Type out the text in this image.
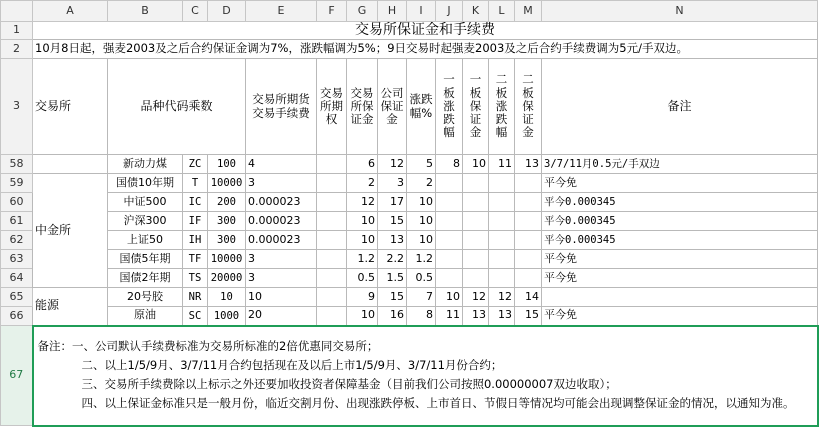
	A	B	C	D	E	F	G	H	I	J	K	L	M	N
1	交易所保证金和手续费													
2	10月8日起，强麦2003及之后合约保证金调为7%，涨跌幅调为5%；9日交易时起强麦2003及之后合约手续费调为5元/手双边。													
3	交易所	品种代码乘数			交易所期货交易手续费	交易所期权	交易所保证金	公司保证金	涨跌幅%	一板涨跌幅	一板保证金	二板涨跌幅	二板保证金	备注
58		新动力煤	ZC	100	4		6	12	5	8	10	11	13	3/7/11月0.5元/手双边
59	中金所	国债10年期	T	10000	3		2	3	2					平今免
60		中证500	IC	200	0.000023		12	17	10					平今0.000345
61		沪深300	IF	300	0.000023		10	15	10					平今0.000345
62		上证50	IH	300	0.000023		10	13	10					平今0.000345
63		国债5年期	TF	10000	3		1.2	2.2	1.2					平今免
64		国债2年期	TS	20000	3		0.5	1.5	0.5					平今免
65	能源	20号胶	NR	10	10		9	15	7	10	12	12	14	
66		原油	SC	1000	20		10	16	8	11	13	13	15	平今免
67	备注：一、公司默认手续费标准为交易所标准的2倍优惠同交易所；
二、以上1/5/9月、3/7/11月合约包括现在及以后上市1/5/9月、3/7/11月份合约；
三、交易所手续费除以上标示之外还要加收投资者保障基金（目前我们公司按照0.00000007双边收取）；
四、以上保证金标准只是一般月份，临近交割月份、出现涨跌停板、上市首日、节假日等情况均可能会出现调整保证金的情况，以通知为准。													
